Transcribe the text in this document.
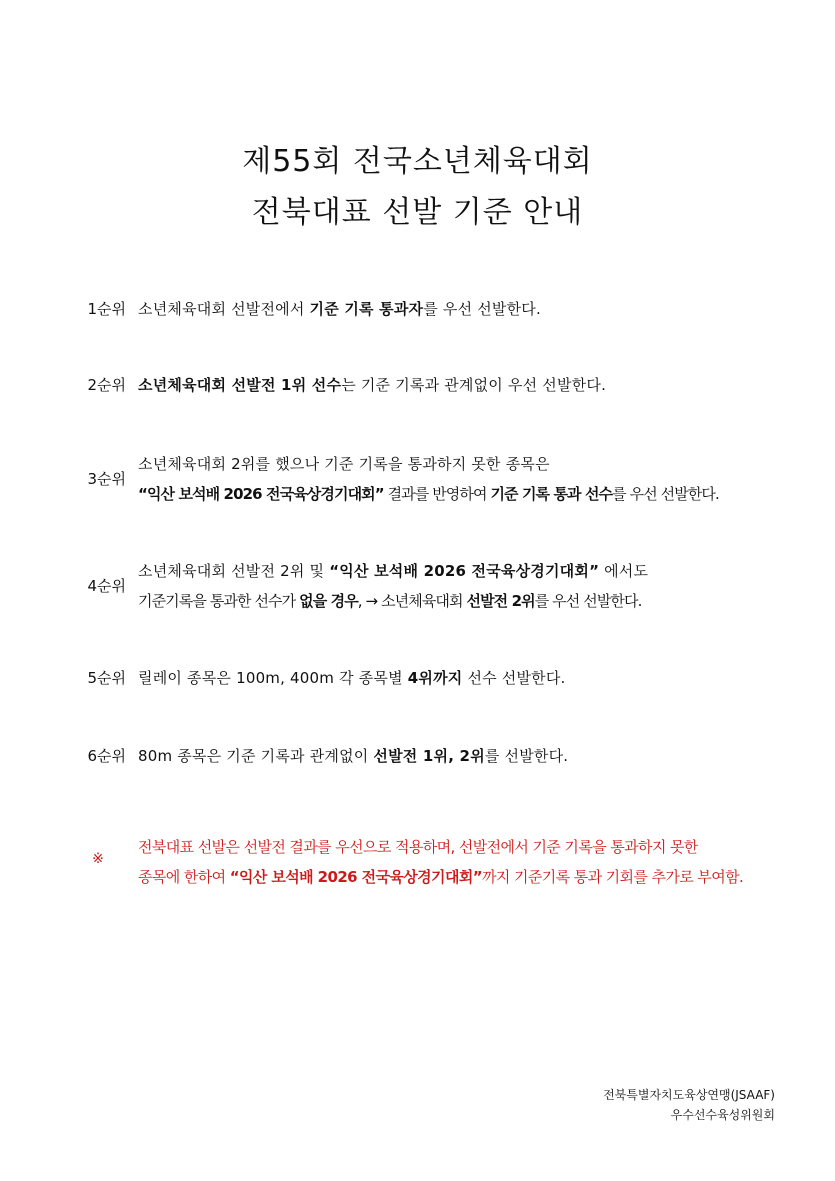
제55회 전국소년체육대회
전북대표 선발 기준 안내
1순위 소년체육대회 선발전에서 기준 기록 통과자를 우선 선발한다.
2순위 소년체육대회 선발전 1위 선수는 기준 기록과 관계없이 우선 선발한다.
3순위
소년체육대회 2위를 했으나 기준 기록을 통과하지 못한 종목은
“익산 보석배 2026 전국육상경기대회” 결과를 반영하여 기준 기록 통과 선수를 우선 선발한다.
4순위
소년체육대회 선발전 2위 및 “익산 보석배 2026 전국육상경기대회” 에서도
기준기록을 통과한 선수가 없을 경우, → 소년체육대회 선발전 2위를 우선 선발한다.
5순위 릴레이 종목은 100m, 400m 각 종목별 4위까지 선수 선발한다.
6순위 80m 종목은 기준 기록과 관계없이 선발전 1위, 2위를 선발한다.
※
전북대표 선발은 선발전 결과를 우선으로 적용하며, 선발전에서 기준 기록을 통과하지 못한
종목에 한하여 “익산 보석배 2026 전국육상경기대회”까지 기준기록 통과 기회를 추가로 부여함.
전북특별자치도육상연맹(JSAAF)
우수선수육성위원회
